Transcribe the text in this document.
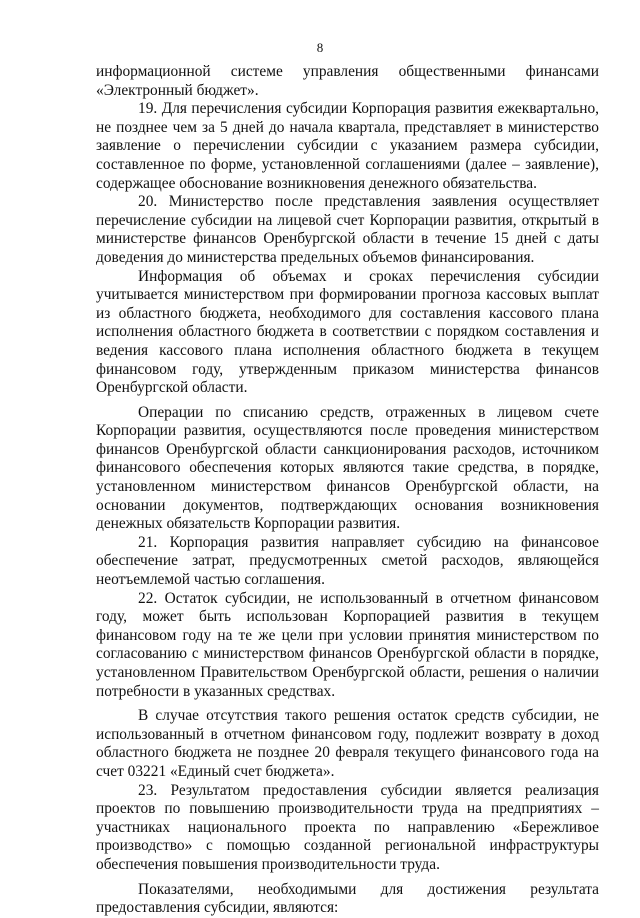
8

информационной системе управления общественными финансами «Электронный бюджет».

19. Для перечисления субсидии Корпорация развития ежеквартально, не позднее чем за 5 дней до начала квартала, представляет в министерство заявление о перечислении субсидии с указанием размера субсидии, составленное по форме, установленной соглашениями (далее – заявление), содержащее обоснование возникновения денежного обязательства.

20. Министерство после представления заявления осуществляет перечисление субсидии на лицевой счет Корпорации развития, открытый в министерстве финансов Оренбургской области в течение 15 дней с даты доведения до министерства предельных объемов финансирования.

Информация об объемах и сроках перечисления субсидии учитывается министерством при формировании прогноза кассовых выплат из областного бюджета, необходимого для составления кассового плана исполнения областного бюджета в соответствии с порядком составления и ведения кассового плана исполнения областного бюджета в текущем финансовом году, утвержденным приказом министерства финансов Оренбургской области.

Операции по списанию средств, отраженных в лицевом счете Корпорации развития, осуществляются после проведения министерством финансов Оренбургской области санкционирования расходов, источником финансового обеспечения которых являются такие средства, в порядке, установленном министерством финансов Оренбургской области, на основании документов, подтверждающих основания возникновения денежных обязательств Корпорации развития.

21. Корпорация развития направляет субсидию на финансовое обеспечение затрат, предусмотренных сметой расходов, являющейся неотъемлемой частью соглашения.

22. Остаток субсидии, не использованный в отчетном финансовом году, может быть использован Корпорацией развития в текущем финансовом году на те же цели при условии принятия министерством по согласованию с министерством финансов Оренбургской области в порядке, установленном Правительством Оренбургской области, решения о наличии потребности в указанных средствах.

В случае отсутствия такого решения остаток средств субсидии, не использованный в отчетном финансовом году, подлежит возврату в доход областного бюджета не позднее 20 февраля текущего финансового года на счет 03221 «Единый счет бюджета».

23. Результатом предоставления субсидии является реализация проектов по повышению производительности труда на предприятиях – участниках национального проекта по направлению «Бережливое производство» с помощью созданной региональной инфраструктуры обеспечения повышения производительности труда.

Показателями, необходимыми для достижения результата предоставления субсидии, являются:
